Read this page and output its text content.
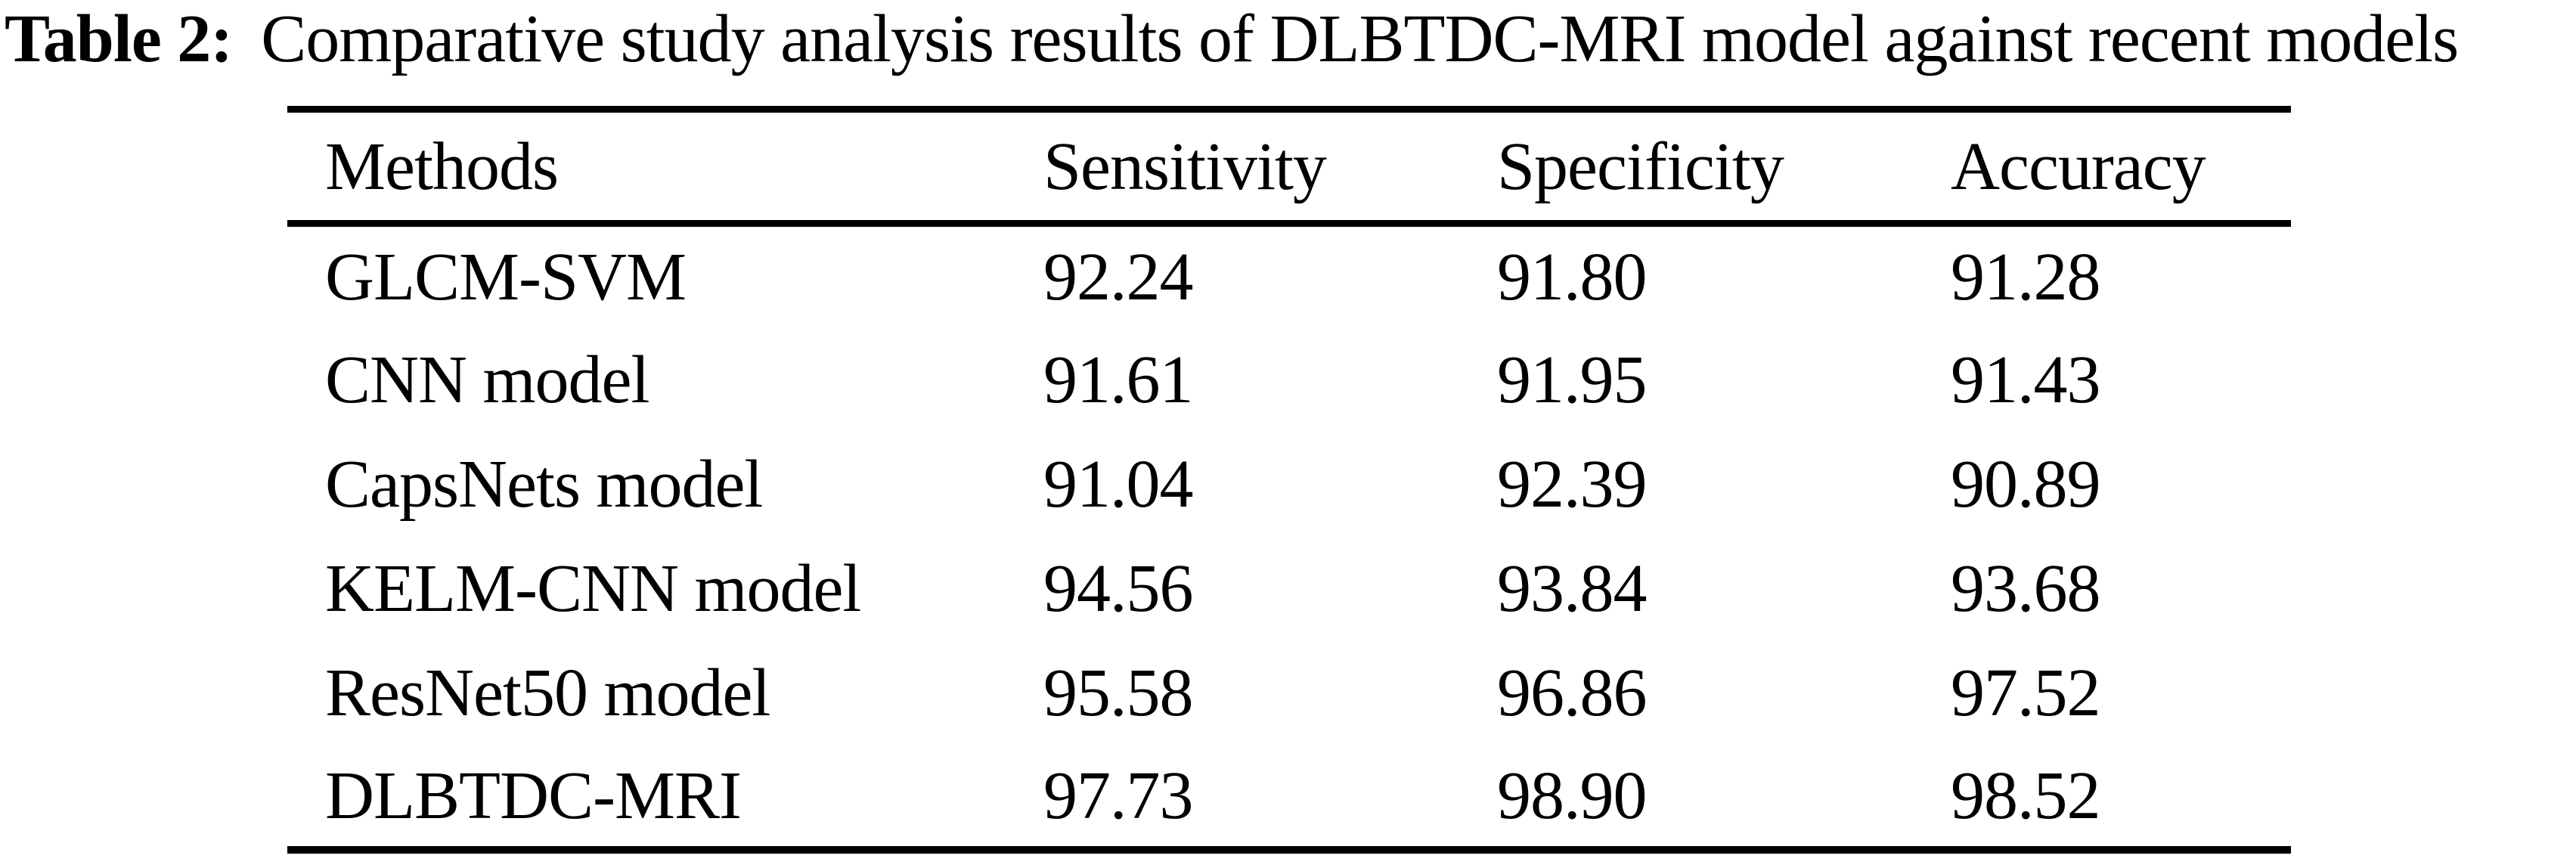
Table 2: Comparative study analysis results of DLBTDC-MRI model against recent models
Methods	Sensitivity	Specificity	Accuracy
GLCM-SVM	92.24	91.80	91.28
CNN model	91.61	91.95	91.43
CapsNets model	91.04	92.39	90.89
KELM-CNN model	94.56	93.84	93.68
ResNet50 model	95.58	96.86	97.52
DLBTDC-MRI	97.73	98.90	98.52
